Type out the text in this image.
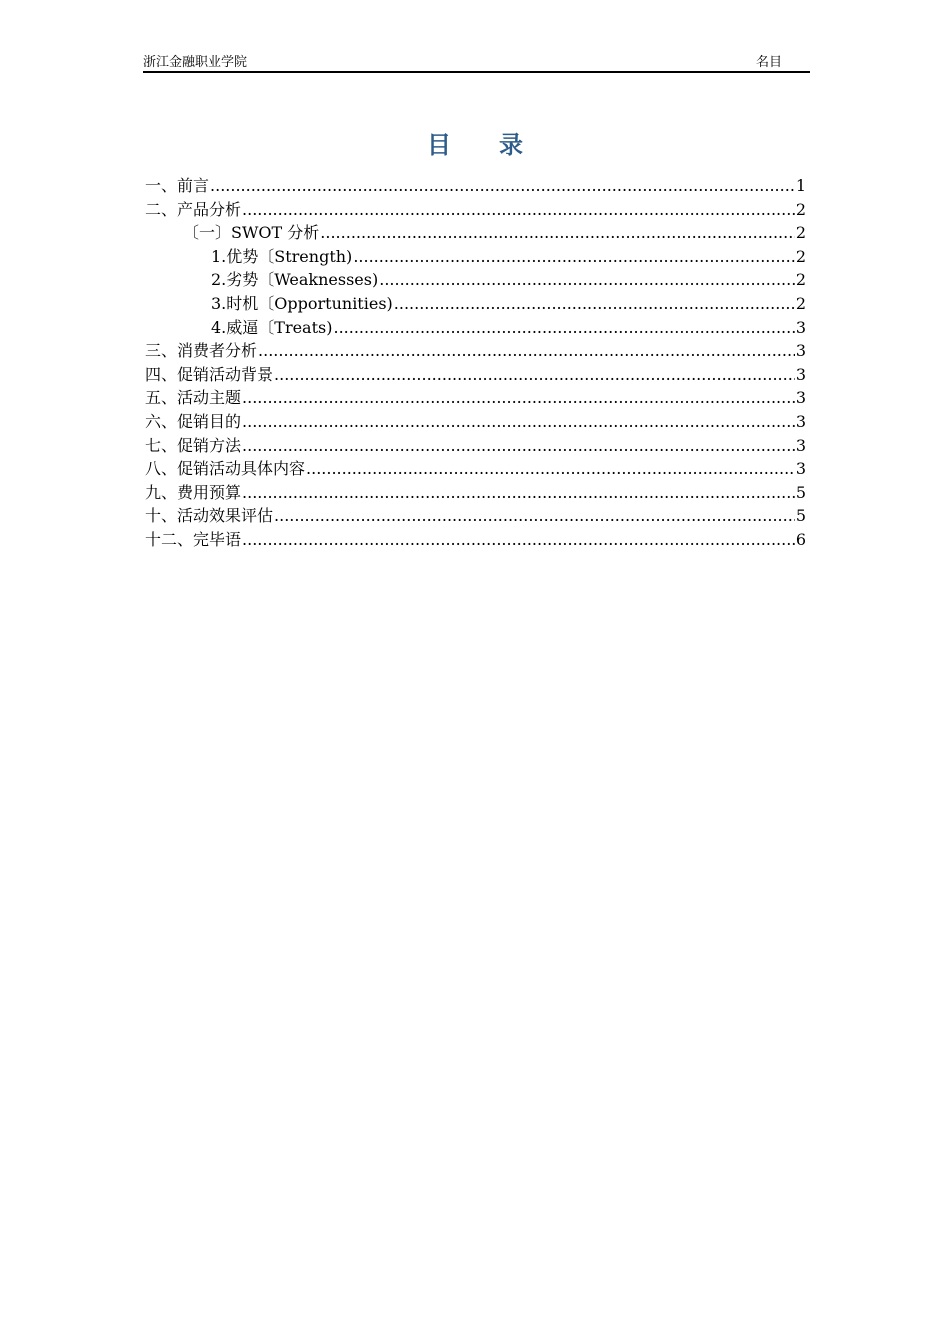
浙江金融职业学院	名目
目 录
一、前言 .....	1
二、产品分析 .....	2
〔一〕SWOT 分析 .....	2
1. 优势〔Strength) .....	2
2. 劣势〔Weaknesses) .....	2
3. 时机〔Opportunities) .....	2
4. 威逼〔Treats) .....	3
三、消费者分析 .....	3
四、促销活动背景 .....	3
五、活动主题 .....	3
六、促销目的 .....	3
七、促销方法 .....	3
八、促销活动具体内容 .....	3
九、费用预算 .....	5
十、活动效果评估 .....	5
十二、完毕语 .....	6
